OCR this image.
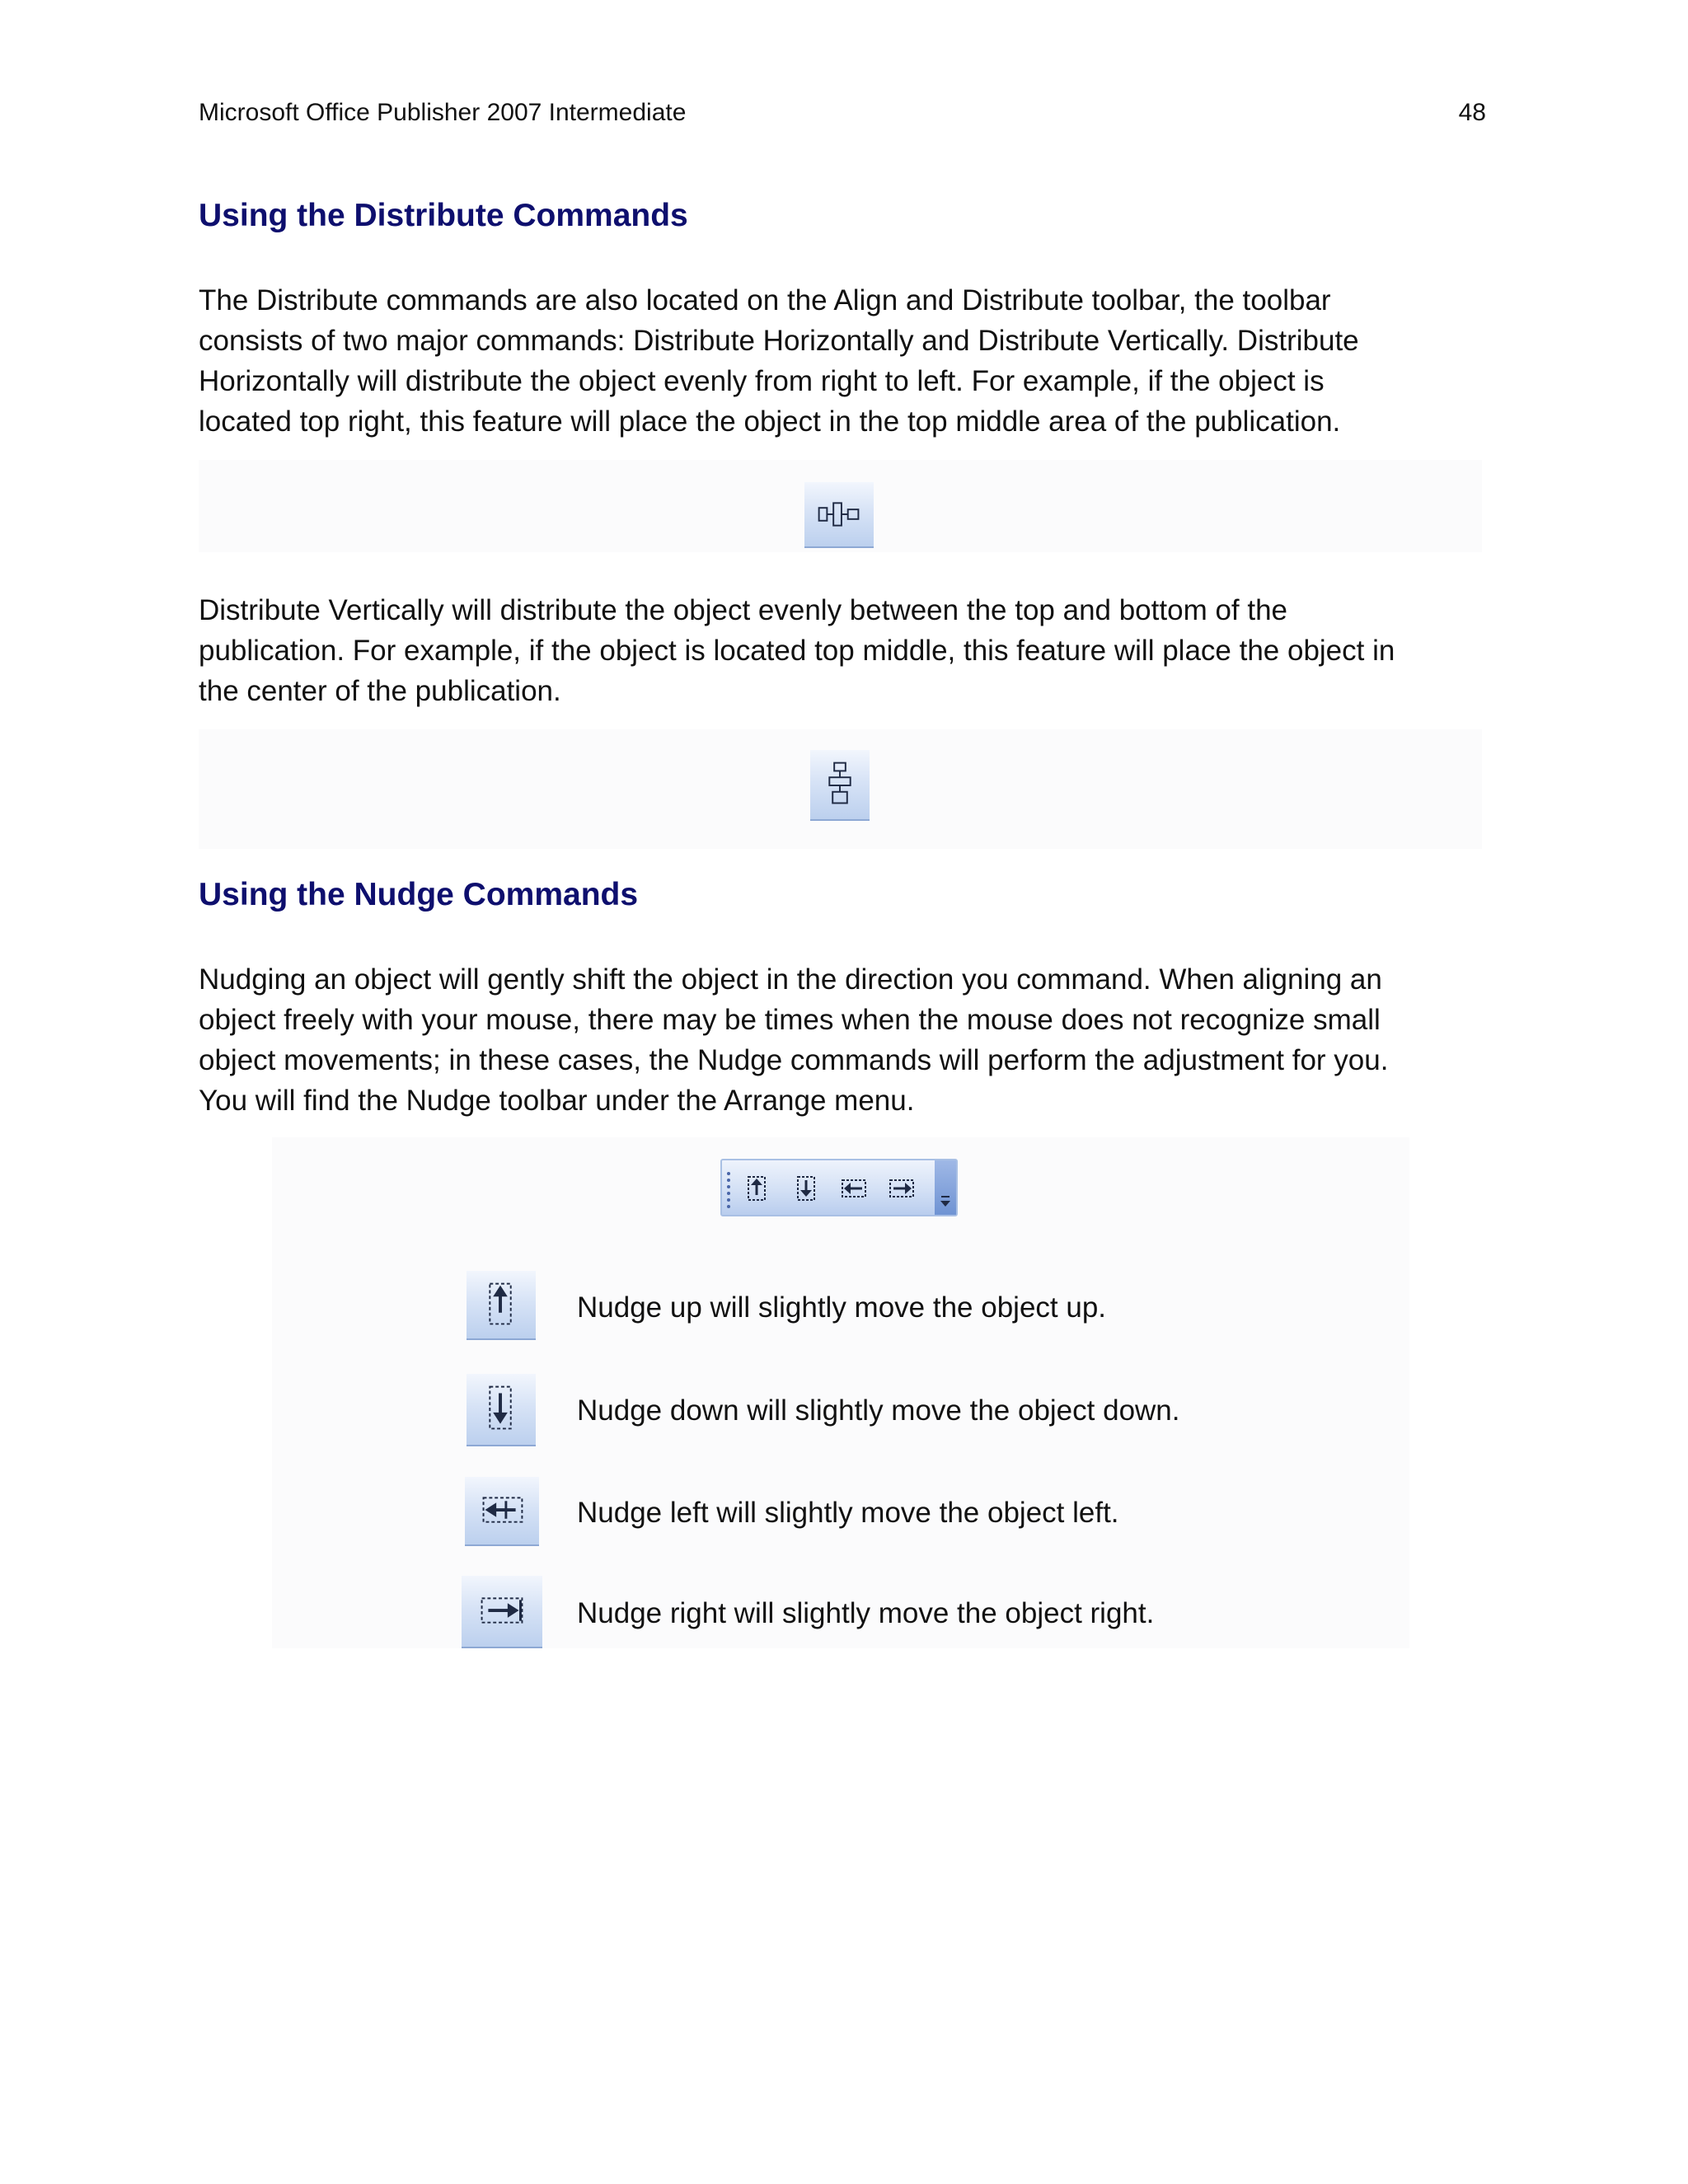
Microsoft Office Publisher 2007 Intermediate	48
Using the Distribute Commands
The Distribute commands are also located on the Align and Distribute toolbar, the toolbar
consists of two major commands: Distribute Horizontally and Distribute Vertically. Distribute
Horizontally will distribute the object evenly from right to left. For example, if the object is
located top right, this feature will place the object in the top middle area of the publication.
Distribute Vertically will distribute the object evenly between the top and bottom of the
publication. For example, if the object is located top middle, this feature will place the object in
the center of the publication.
Using the Nudge Commands
Nudging an object will gently shift the object in the direction you command. When aligning an
object freely with your mouse, there may be times when the mouse does not recognize small
object movements; in these cases, the Nudge commands will perform the adjustment for you.
You will find the Nudge toolbar under the Arrange menu.
Nudge up will slightly move the object up.
Nudge down will slightly move the object down.
Nudge left will slightly move the object left.
Nudge right will slightly move the object right.
